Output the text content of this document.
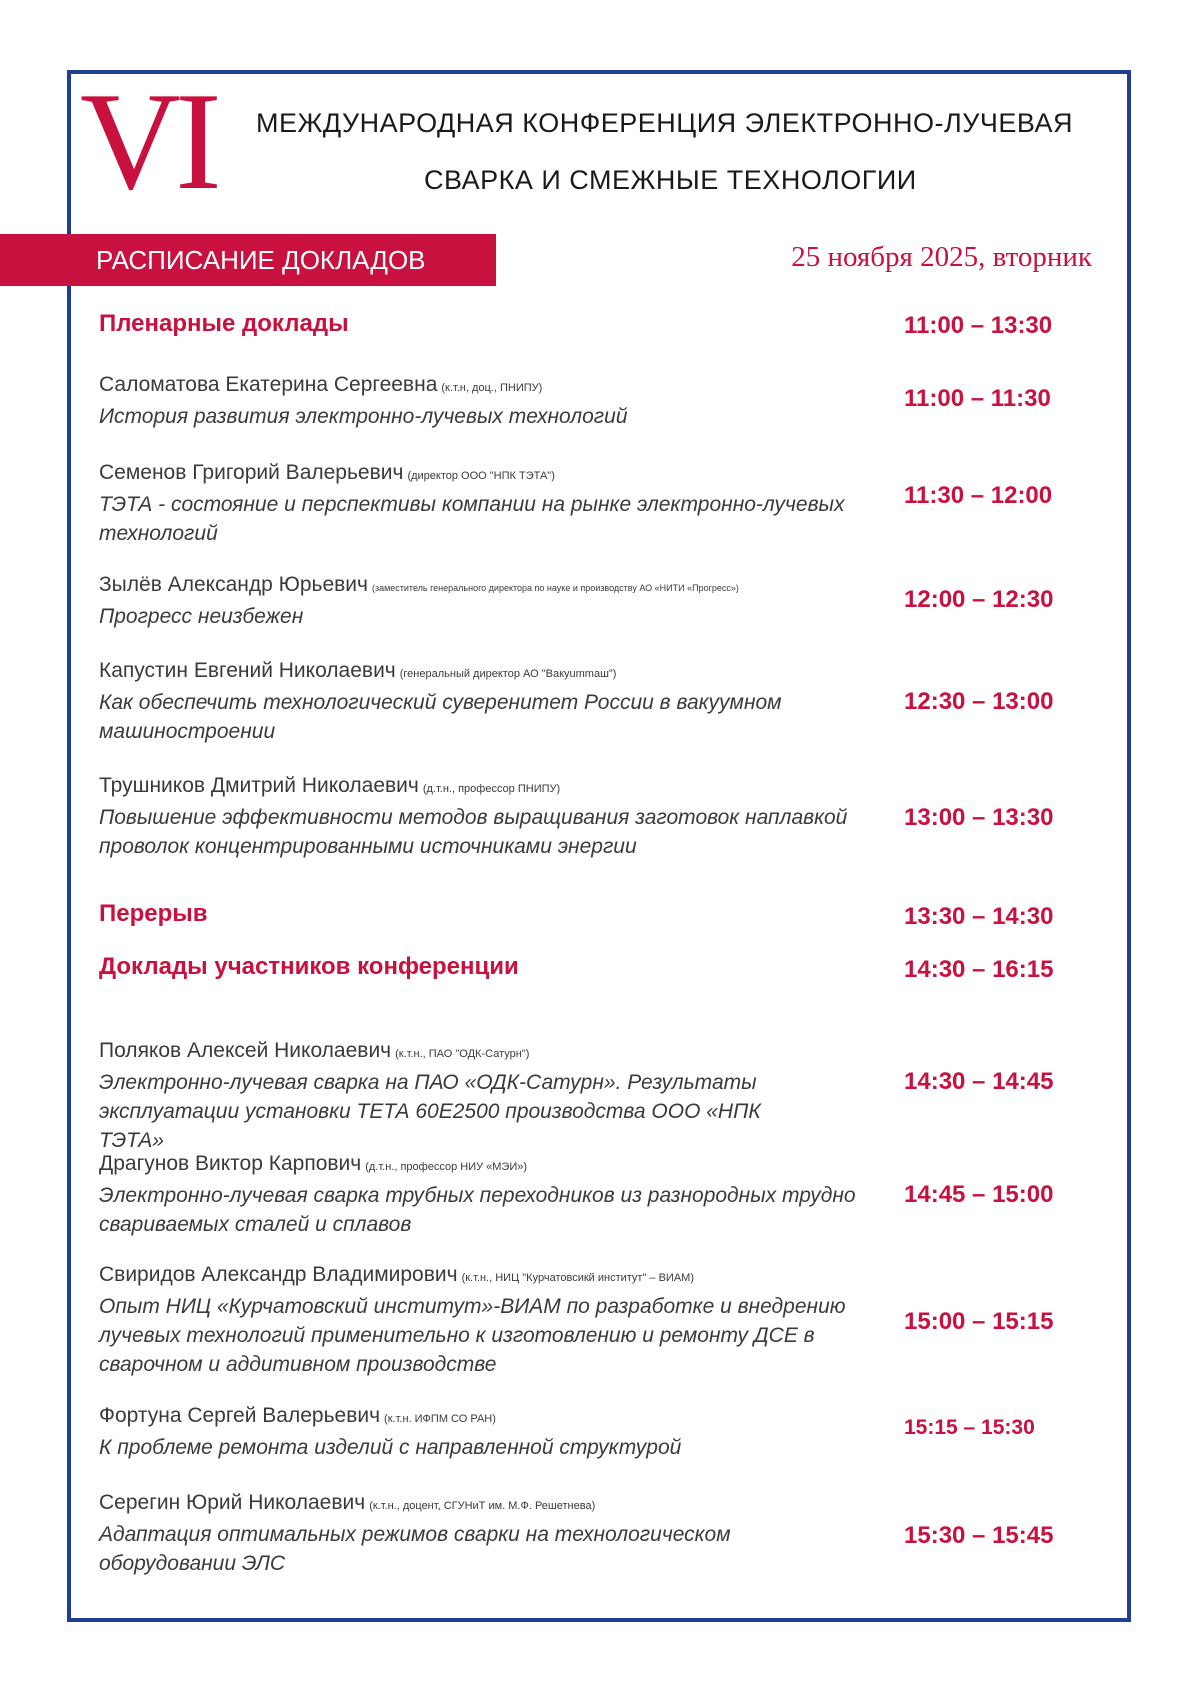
VI МЕЖДУНАРОДНАЯ КОНФЕРЕНЦИЯ ЭЛЕКТРОННО-ЛУЧЕВАЯ
СВАРКА И СМЕЖНЫЕ ТЕХНОЛОГИИ
РАСПИСАНИЕ ДОКЛАДОВ	25 ноября 2025, вторник
Пленарные доклады	11:00 – 13:30
Саломатова Екатерина Сергеевна (к.т.н, доц., ПНИПУ)
История развития электронно-лучевых технологий
11:00 – 11:30
Семенов Григорий Валерьевич (директор ООО "НПК ТЭТА")
ТЭТА - состояние и перспективы компании на рынке электронно-лучевых технологий
11:30 – 12:00
Зылёв Александр Юрьевич (заместитель генерального директора по науке и производству АО «НИТИ «Прогресс»)
Прогресс неизбежен
12:00 – 12:30
Капустин Евгений Николаевич (генеральный директор АО "Вакуummаш")
Как обеспечить технологический суверенитет России в вакуумном машиностроении
12:30 – 13:00
Трушников Дмитрий Николаевич (д.т.н., профессор ПНИПУ)
Повышение эффективности методов выращивания заготовок наплавкой проволок концентрированными источниками энергии
13:00 – 13:30
Перерыв	13:30 – 14:30
Доклады участников конференции	14:30 – 16:15
Поляков Алексей Николаевич (к.т.н., ПАО "ОДК-Сатурн")
Электронно-лучевая сварка на ПАО «ОДК-Сатурн». Результаты эксплуатации установки ТЕТА 60Е2500 производства ООО «НПК ТЭТА»
14:30 – 14:45
Драгунов Виктор Карпович (д.т.н., профессор НИУ «МЭИ»)
Электронно-лучевая сварка трубных переходников из разнородных трудно свариваемых сталей и сплавов
14:45 – 15:00
Свиридов Александр Владимирович (к.т.н., НИЦ "Курчатовсикй институт" – ВИАМ)
Опыт НИЦ «Курчатовский институт»-ВИАМ по разработке и внедрению лучевых технологий применительно к изготовлению и ремонту ДСЕ в сварочном и аддитивном производстве
15:00 – 15:15
Фортуна Сергей Валерьевич (к.т.н. ИФПМ СО РАН)
К проблеме ремонта изделий с направленной структурой
15:15 – 15:30
Серегин Юрий Николаевич (к.т.н., доцент, СГУНиТ им. М.Ф. Решетнева)
Адаптация оптимальных режимов сварки на технологическом оборудовании ЭЛС
15:30 – 15:45
